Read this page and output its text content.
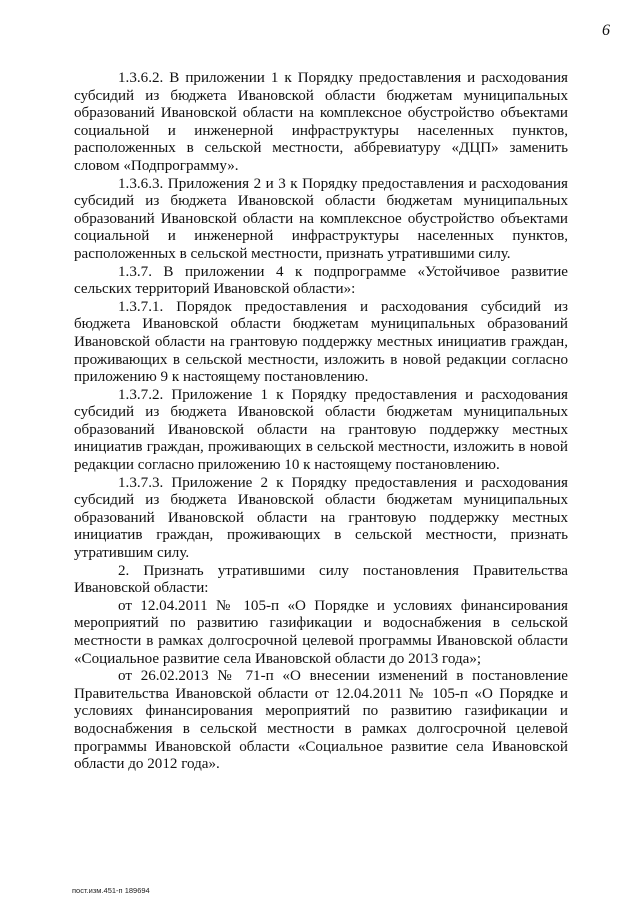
6

1.3.6.2. В приложении 1 к Порядку предоставления и расходования субсидий из бюджета Ивановской области бюджетам муниципальных образований Ивановской области на комплексное обустройство объектами социальной и инженерной инфраструктуры населенных пунктов, расположенных в сельской местности, аббревиатуру «ДЦП» заменить словом «Подпрограмму».

1.3.6.3. Приложения 2 и 3 к Порядку предоставления и расходования субсидий из бюджета Ивановской области бюджетам муниципальных образований Ивановской области на комплексное обустройство объектами социальной и инженерной инфраструктуры населенных пунктов, расположенных в сельской местности, признать утратившими силу.

1.3.7. В приложении 4 к подпрограмме «Устойчивое развитие сельских территорий Ивановской области»:

1.3.7.1. Порядок предоставления и расходования субсидий из бюджета Ивановской области бюджетам муниципальных образований Ивановской области на грантовую поддержку местных инициатив граждан, проживающих в сельской местности, изложить в новой редакции согласно приложению 9 к настоящему постановлению.

1.3.7.2. Приложение 1 к Порядку предоставления и расходования субсидий из бюджета Ивановской области бюджетам муниципальных образований Ивановской области на грантовую поддержку местных инициатив граждан, проживающих в сельской местности, изложить в новой редакции согласно приложению 10 к настоящему постановлению.

1.3.7.3. Приложение 2 к Порядку предоставления и расходования субсидий из бюджета Ивановской области бюджетам муниципальных образований Ивановской области на грантовую поддержку местных инициатив граждан, проживающих в сельской местности, признать утратившим силу.

2. Признать утратившими силу постановления Правительства Ивановской области:

от 12.04.2011 № 105-п «О Порядке и условиях финансирования мероприятий по развитию газификации и водоснабжения в сельской местности в рамках долгосрочной целевой программы Ивановской области «Социальное развитие села Ивановской области до 2013 года»;

от 26.02.2013 № 71-п «О внесении изменений в постановление Правительства Ивановской области от 12.04.2011 № 105-п «О Порядке и условиях финансирования мероприятий по развитию газификации и водоснабжения в сельской местности в рамках долгосрочной целевой программы Ивановской области «Социальное развитие села Ивановской области до 2012 года».

пост.изм.451-п 189694
